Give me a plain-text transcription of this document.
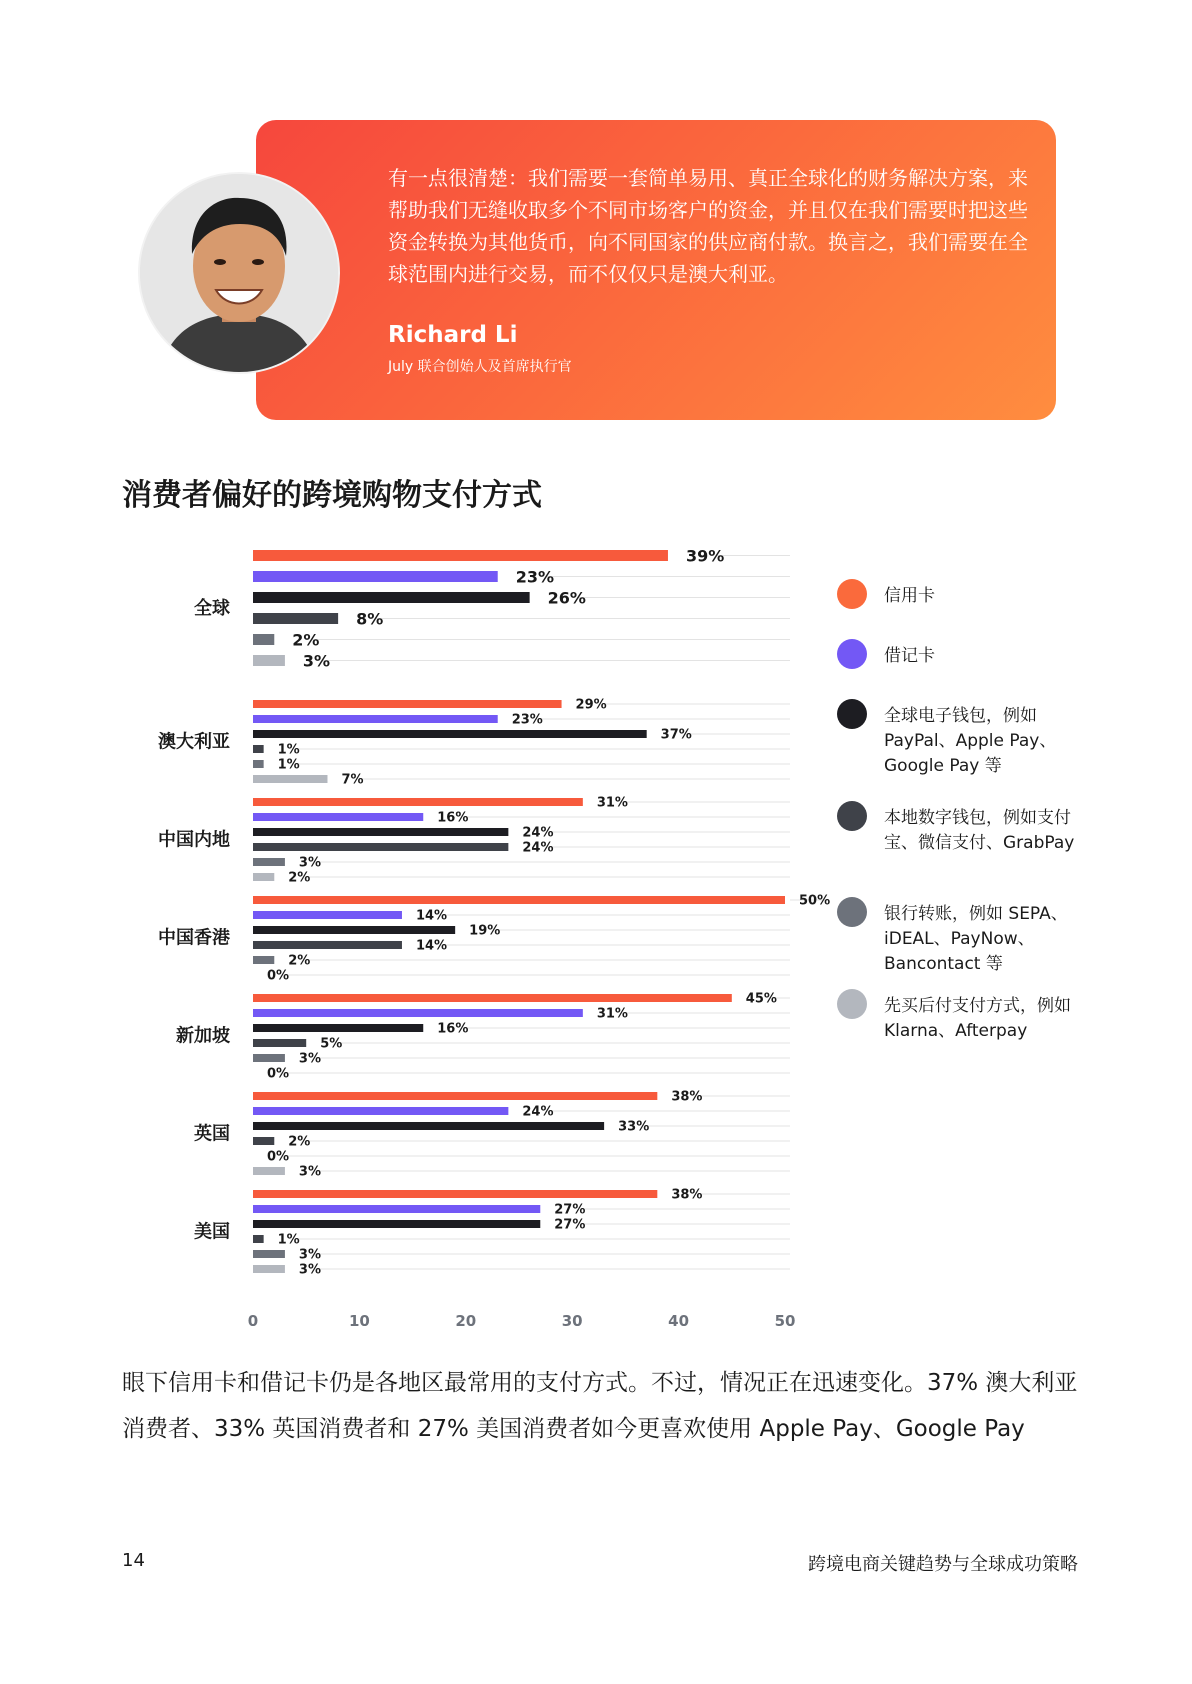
有一点很清楚：我们需要一套简单易用、真正全球化的财务解决方案，来帮助我们无缝收取多个不同市场客户的资金，并且仅在我们需要时把这些资金转换为其他货币，向不同国家的供应商付款。换言之，我们需要在全球范围内进行交易，而不仅仅只是澳大利亚。

Richard Li
July 联合创始人及首席执行官
消费者偏好的跨境购物支付方式
39%
23%
26%
8%
2%
3%
全球
29%
23%
37%
1%
1%
7%
澳大利亚
31%
16%
24%
24%
3%
2%
中国内地
50%
14%
19%
14%
2%
0%
中国香港
45%
31%
16%
5%
3%
0%
新加坡
38%
24%
33%
2%
0%
3%
英国
38%
27%
27%
1%
3%
3%
美国
0	10	20	30	40	50
信用卡
借记卡
全球电子钱包，例如 PayPal、Apple Pay、 Google Pay 等
本地数字钱包，例如支付宝、微信支付、GrabPay
银行转账，例如 SEPA、 iDEAL、PayNow、 Bancontact 等
先买后付支付方式，例如 Klarna、Afterpay

眼下信用卡和借记卡仍是各地区最常用的支付方式。不过，情况正在迅速变化。37% 澳大利亚消费者、33% 英国消费者和 27% 美国消费者如今更喜欢使用 Apple Pay、Google Pay

14	跨境电商关键趋势与全球成功策略
